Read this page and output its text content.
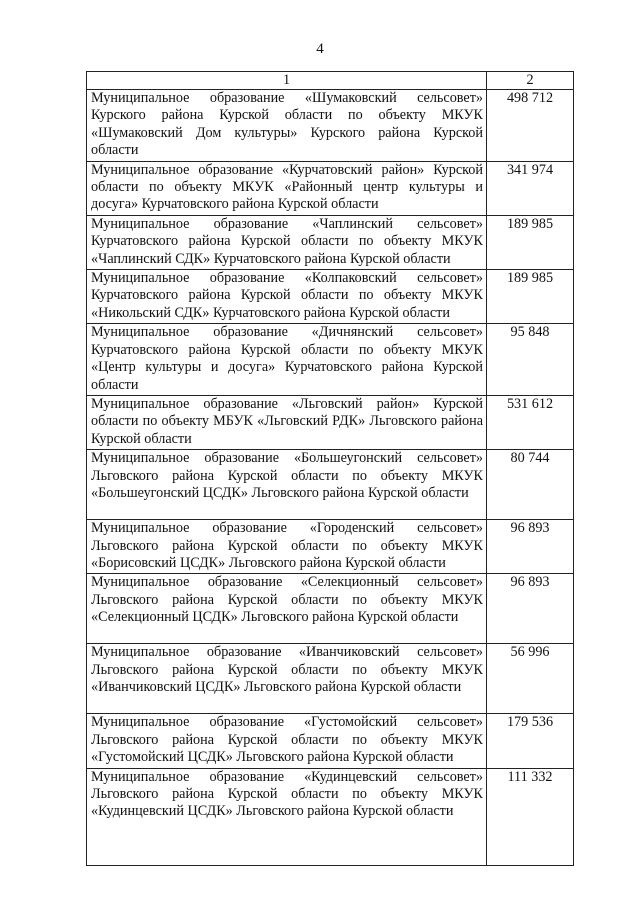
4
1	2
Муниципальное образование «Шумаковский сельсовет» Курского района Курской области по объекту МКУК «Шумаковский Дом культуры» Курского района Курской области	498 712
Муниципальное образование «Курчатовский район» Курской области по объекту МКУК «Районный центр культуры и досуга» Курчатовского района Курской области	341 974
Муниципальное образование «Чаплинский сельсовет» Курчатовского района Курской области по объекту МКУК «Чаплинский СДК» Курчатовского района Курской области	189 985
Муниципальное образование «Колпаковский сельсовет» Курчатовского района Курской области по объекту МКУК «Никольский СДК» Курчатовского района Курской области	189 985
Муниципальное образование «Дичнянский сельсовет» Курчатовского района Курской области по объекту МКУК «Центр культуры и досуга» Курчатовского района Курской области	95 848
Муниципальное образование «Льговский район» Курской области по объекту МБУК «Льговский РДК» Льговского района Курской области	531 612
Муниципальное образование «Большеугонский сельсовет» Льговского района Курской области по объекту МКУК «Большеугонский ЦСДК» Льговского района Курской области	80 744
Муниципальное образование «Городенский сельсовет» Льговского района Курской области по объекту МКУК «Борисовский ЦСДК» Льговского района Курской области	96 893
Муниципальное образование «Селекционный сельсовет» Льговского района Курской области по объекту МКУК «Селекционный ЦСДК» Льговского района Курской области	96 893
Муниципальное образование «Иванчиковский сельсовет» Льговского района Курской области по объекту МКУК «Иванчиковский ЦСДК» Льговского района Курской области	56 996
Муниципальное образование «Густомойский сельсовет» Льговского района Курской области по объекту МКУК «Густомойский ЦСДК» Льговского района Курской области	179 536
Муниципальное образование «Кудинцевский сельсовет» Льговского района Курской области по объекту МКУК «Кудинцевский ЦСДК» Льговского района Курской области	111 332
